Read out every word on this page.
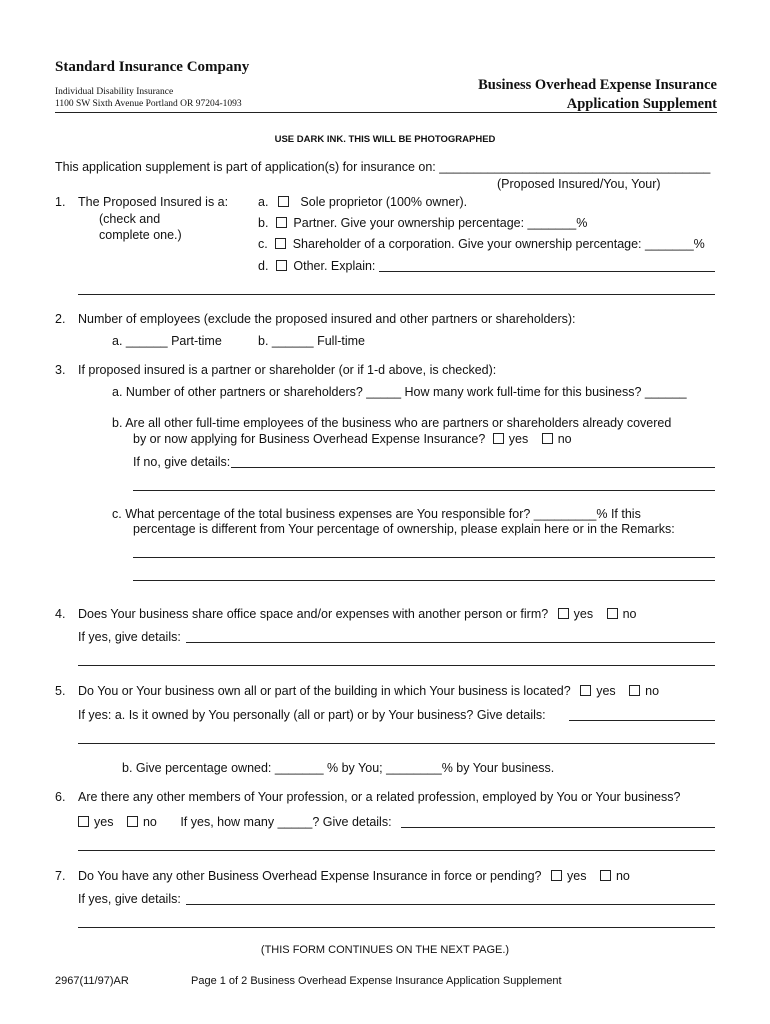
Standard Insurance Company
Individual Disability Insurance
1100 SW Sixth Avenue Portland OR 97204-1093
Business Overhead Expense Insurance
Application Supplement
USE DARK INK. THIS WILL BE PHOTOGRAPHED
This application supplement is part of application(s) for insurance on: _______________________________________
(Proposed Insured/You, Your)
1. The Proposed Insured is a:
(check and
complete one.)
a.	Sole proprietor (100% owner).
b. Partner. Give your ownership percentage: _______%
c. Shareholder of a corporation. Give your ownership percentage: _______%
d. Other. Explain:
2. Number of employees (exclude the proposed insured and other partners or shareholders):
a. ______ Part-time	b. ______ Full-time
3. If proposed insured is a partner or shareholder (or if 1-d above, is checked):
a. Number of other partners or shareholders? _____ How many work full-time for this business? ______
b. Are all other full-time employees of the business who are partners or shareholders already covered
by or now applying for Business Overhead Expense Insurance? yes no
If no, give details:
c. What percentage of the total business expenses are You responsible for? _________% If this
percentage is different from Your percentage of ownership, please explain here or in the Remarks:
4. Does Your business share office space and/or expenses with another person or firm? yes no
If yes, give details:
5. Do You or Your business own all or part of the building in which Your business is located? yes no
If yes: a. Is it owned by You personally (all or part) or by Your business? Give details:
b. Give percentage owned: _______ % by You; ________% by Your business.
6. Are there any other members of Your profession, or a related profession, employed by You or Your business?
yes no If yes, how many _____? Give details:
7. Do You have any other Business Overhead Expense Insurance in force or pending? yes no
If yes, give details:
(THIS FORM CONTINUES ON THE NEXT PAGE.)
2967(11/97)AR	Page 1 of 2 Business Overhead Expense Insurance Application Supplement
